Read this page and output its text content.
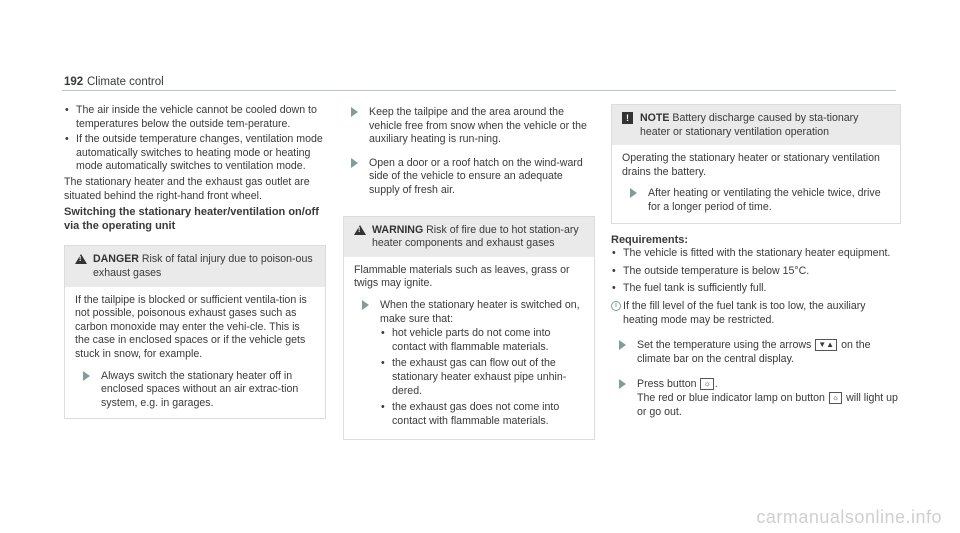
192 Climate control
• The air inside the vehicle cannot be cooled down to temperatures below the outside tem-perature.
• If the outside temperature changes, ventilation mode automatically switches to heating mode or heating mode automatically switches to ventilation mode.
The stationary heater and the exhaust gas outlet are situated behind the right-hand front wheel.
Switching the stationary heater/ventilation on/off via the operating unit
!
DANGER Risk of fatal injury due to poison-ous exhaust gases
If the tailpipe is blocked or sufficient ventila-tion is not possible, poisonous exhaust gases such as carbon monoxide may enter the vehi-cle. This is the case in enclosed spaces or if the vehicle gets stuck in snow, for example.
Always switch the stationary heater off in enclosed spaces without an air extrac-tion system, e.g. in garages.
Keep the tailpipe and the area around the vehicle free from snow when the vehicle or the auxiliary heating is run-ning.
Open a door or a roof hatch on the wind-ward side of the vehicle to ensure an adequate supply of fresh air.
!
WARNING Risk of fire due to hot station-ary heater components and exhaust gases
Flammable materials such as leaves, grass or twigs may ignite.
When the stationary heater is switched on, make sure that:
• hot vehicle parts do not come into contact with flammable materials.
• the exhaust gas can flow out of the stationary heater exhaust pipe unhin-dered.
• the exhaust gas does not come into contact with flammable materials.
!	NOTE Battery discharge caused by sta-tionary heater or stationary ventilation operation
Operating the stationary heater or stationary ventilation drains the battery.
After heating or ventilating the vehicle twice, drive for a longer period of time.
Requirements:
• The vehicle is fitted with the stationary heater equipment.
• The outside temperature is below 15°C.
• The fuel tank is sufficiently full.
i If the fill level of the fuel tank is too low, the auxiliary heating mode may be restricted.
Set the temperature using the arrows ▼▲ on the climate bar on the central display.
Press button ☼ .
The red or blue indicator lamp on button ☼ will light up or go out.
carmanualsonline.info
